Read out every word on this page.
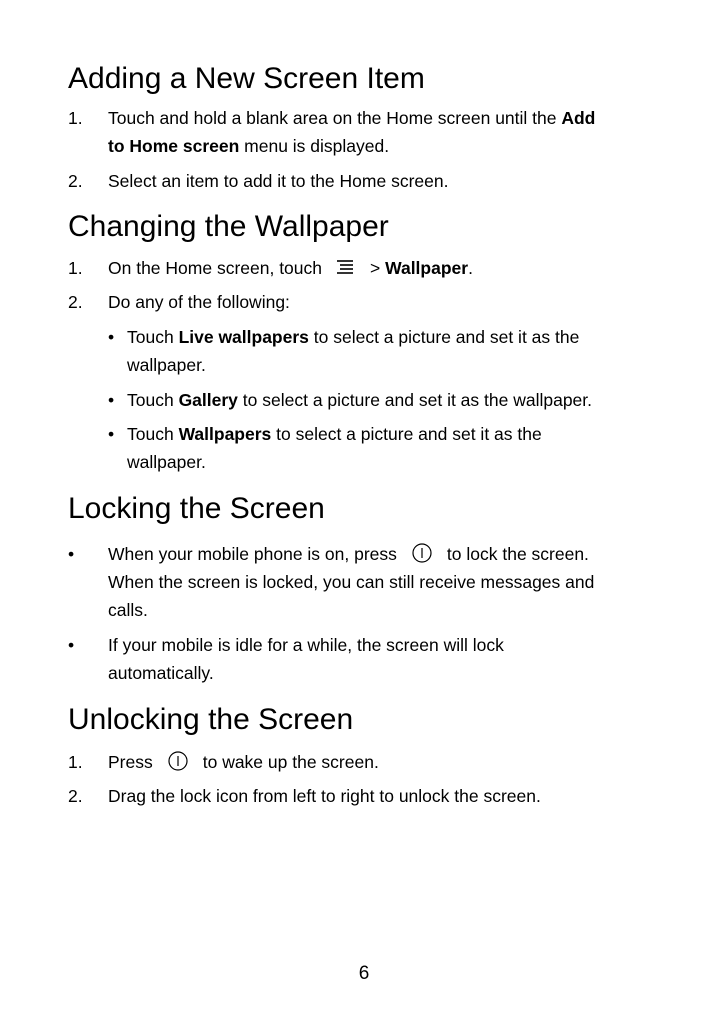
Adding a New Screen Item
1. Touch and hold a blank area on the Home screen until the Add
to Home screen menu is displayed.
2. Select an item to add it to the Home screen.
Changing the Wallpaper
1. On the Home screen, touch	> Wallpaper.
2. Do any of the following:
• Touch Live wallpapers to select a picture and set it as the
wallpaper.
• Touch Gallery to select a picture and set it as the wallpaper.
• Touch Wallpapers to select a picture and set it as the
wallpaper.
Locking the Screen
• When your mobile phone is on, press	to lock the screen.
When the screen is locked, you can still receive messages and
calls.
• If your mobile is idle for a while, the screen will lock
automatically.
Unlocking the Screen
1. Press	to wake up the screen.
2. Drag the lock icon from left to right to unlock the screen.
6
